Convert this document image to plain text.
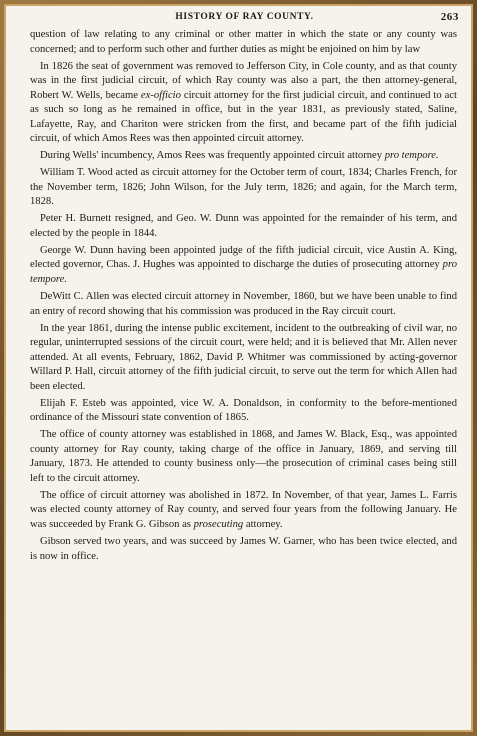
HISTORY OF RAY COUNTY.	263

question of law relating to any criminal or other matter in which the state or any county was concerned; and to perform such other and further duties as might be enjoined on him by law

In 1826 the seat of government was removed to Jefferson City, in Cole county, and as that county was in the first judicial circuit, of which Ray county was also a part, the then attorney-general, Robert W. Wells, became ex-officio circuit attorney for the first judicial circuit, and continued to act as such so long as he remained in office, but in the year 1831, as previously stated, Saline, Lafayette, Ray, and Chariton were stricken from the first, and became part of the fifth judicial circuit, of which Amos Rees was then appointed circuit attorney.

During Wells' incumbency, Amos Rees was frequently appointed circuit attorney pro tempore.

William T. Wood acted as circuit attorney for the October term of court, 1834; Charles French, for the November term, 1826; John Wilson, for the July term, 1826; and again, for the March term, 1828.

Peter H. Burnett resigned, and Geo. W. Dunn was appointed for the remainder of his term, and elected by the people in 1844.

George W. Dunn having been appointed judge of the fifth judicial circuit, vice Austin A. King, elected governor, Chas. J. Hughes was appointed to discharge the duties of prosecuting attorney pro tempore.

DeWitt C. Allen was elected circuit attorney in November, 1860, but we have been unable to find an entry of record showing that his commission was produced in the Ray circuit court.

In the year 1861, during the intense public excitement, incident to the outbreaking of civil war, no regular, uninterrupted sessions of the circuit court, were held; and it is believed that Mr. Allen never attended. At all events, February, 1862, David P. Whitmer was commissioned by acting-governor Willard P. Hall, circuit attorney of the fifth judicial circuit, to serve out the term for which Allen had been elected.

Elijah F. Esteb was appointed, vice W. A. Donaldson, in conformity to the before-mentioned ordinance of the Missouri state convention of 1865.

The office of county attorney was established in 1868, and James W. Black, Esq., was appointed county attorney for Ray county, taking charge of the office in January, 1869, and serving till January, 1873. He attended to county business only—the prosecution of criminal cases being still left to the circuit attorney.

The office of circuit attorney was abolished in 1872. In November, of that year, James L. Farris was elected county attorney of Ray county, and served four years from the following January. He was succeeded by Frank G. Gibson as prosecuting attorney.

Gibson served two years, and was succeed by James W. Garner, who has been twice elected, and is now in office.
